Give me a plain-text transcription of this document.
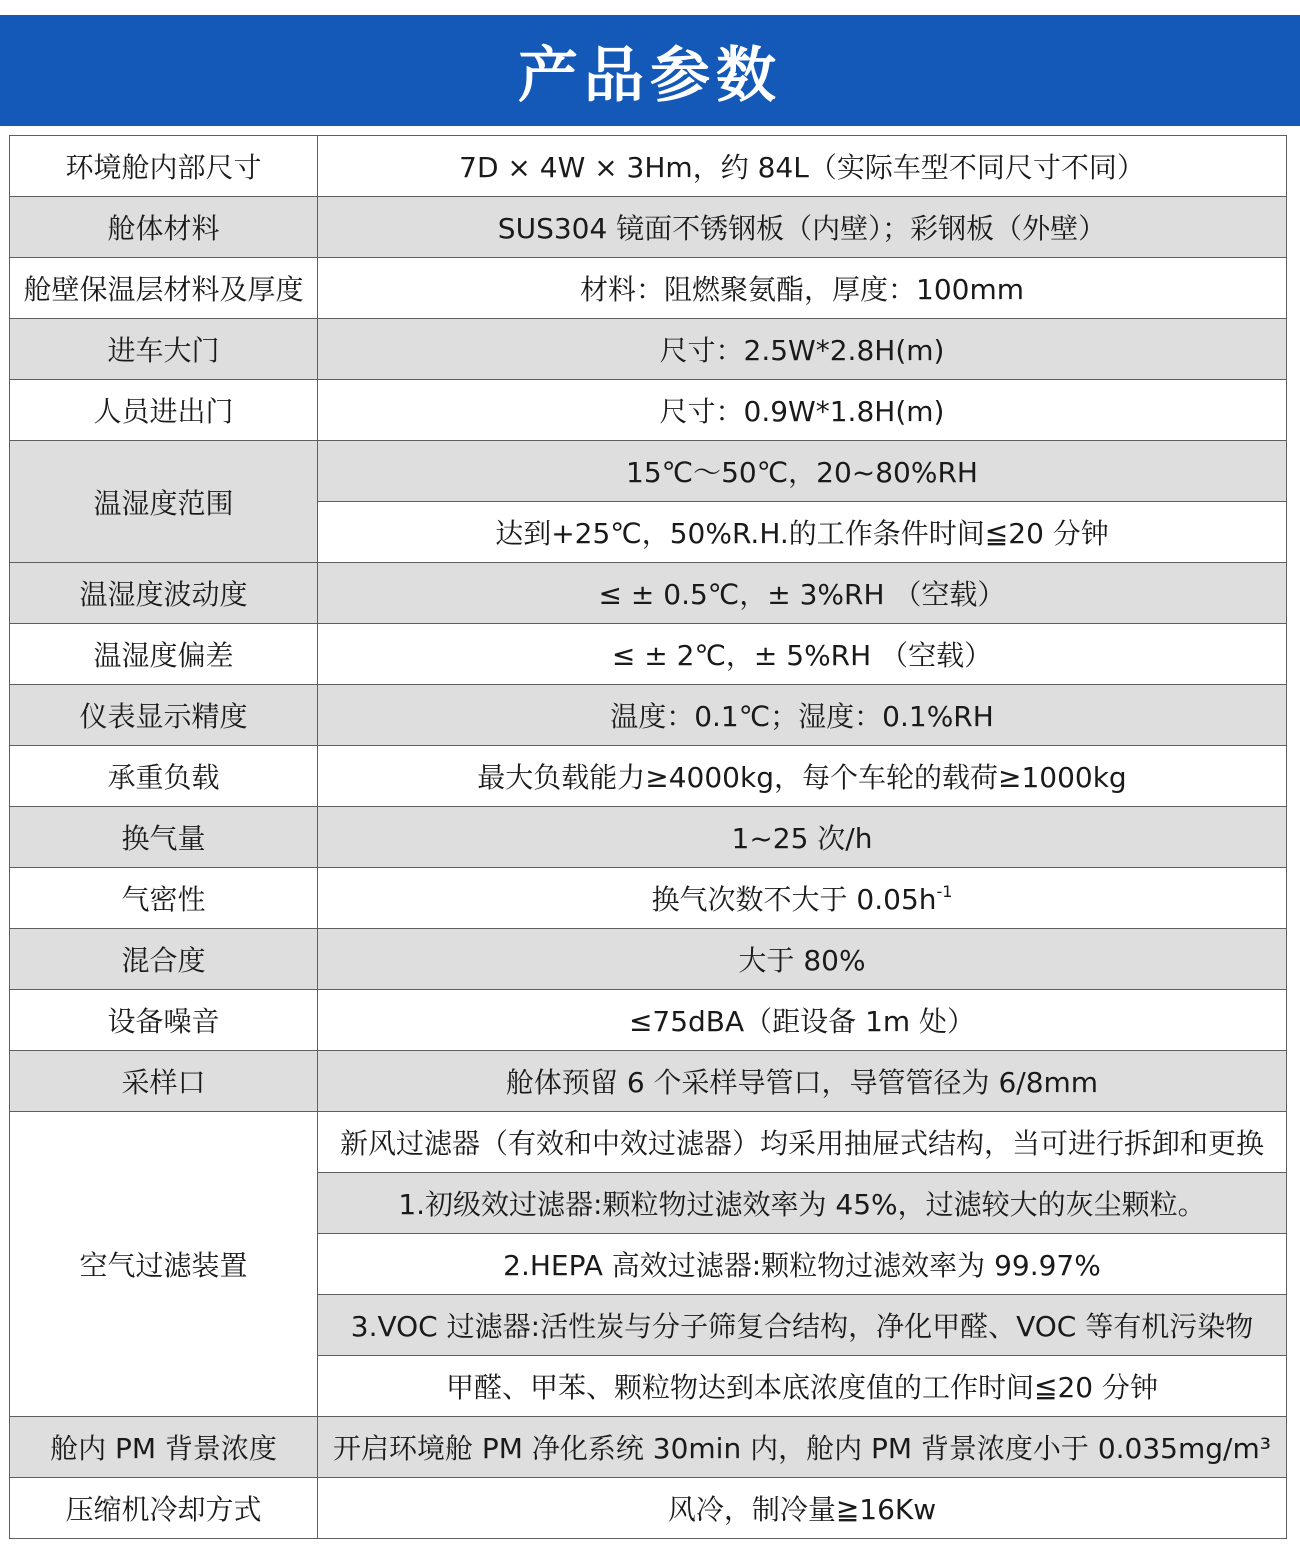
产品参数
环境舱内部尺寸	7D × 4W × 3Hm，约 84L（实际车型不同尺寸不同）
舱体材料	SUS304 镜面不锈钢板（内壁）；彩钢板（外壁）
舱壁保温层材料及厚度	材料：阻燃聚氨酯，厚度：100mm
进车大门	尺寸：2.5W*2.8H(m)
人员进出门	尺寸：0.9W*1.8H(m)
温湿度范围	15℃～50℃，20~80%RH
	达到+25℃，50%R.H.的工作条件时间≦20 分钟
温湿度波动度	≤ ± 0.5℃，± 3%RH （空载）
温湿度偏差	≤ ± 2℃，± 5%RH （空载）
仪表显示精度	温度：0.1℃；湿度：0.1%RH
承重负载	最大负载能力≥4000kg，每个车轮的载荷≥1000kg
换气量	1~25 次/h
气密性	换气次数不大于 $0.05h^{-1}$
混合度	大于 80%
设备噪音	≤75dBA（距设备 1m 处）
采样口	舱体预留 6 个采样导管口，导管管径为 6/8mm
空气过滤装置	新风过滤器（有效和中效过滤器）均采用抽屉式结构，当可进行拆卸和更换
	1.初级效过滤器:颗粒物过滤效率为 45%，过滤较大的灰尘颗粒。
	2.HEPA 高效过滤器:颗粒物过滤效率为 99.97%
	3.VOC 过滤器:活性炭与分子筛复合结构，净化甲醛、VOC 等有机污染物
	甲醛、甲苯、颗粒物达到本底浓度值的工作时间≦20 分钟
舱内 PM 背景浓度	开启环境舱 PM 净化系统 30min 内，舱内 PM 背景浓度小于 0.035mg/m³
压缩机冷却方式	风冷，制冷量≧16Kw
